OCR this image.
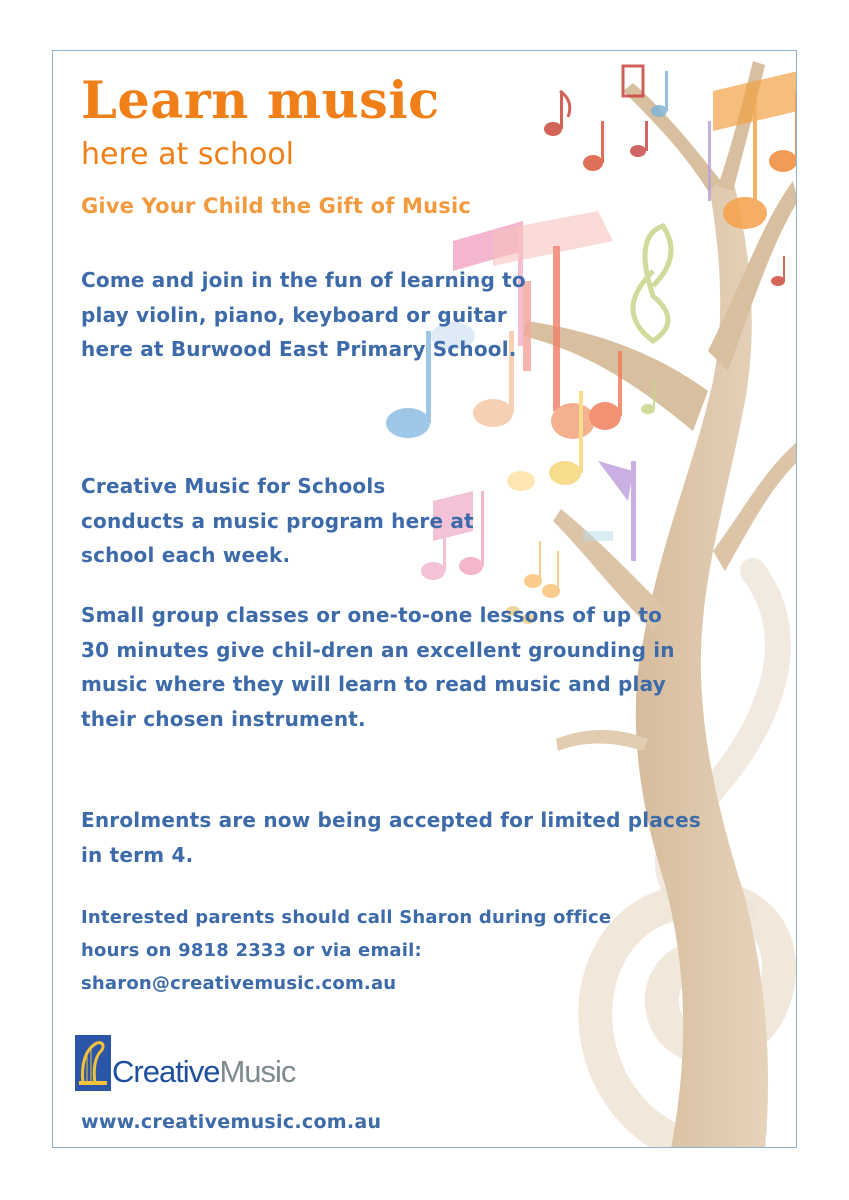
Learn music
here at school
Give Your Child the Gift of Music

Come and join in the fun of learning to play violin, piano, keyboard or guitar here at Burwood East Primary School.

Creative Music for Schools conducts a music program here at school each week.

Small group classes or one-to-one lessons of up to 30 minutes give chil-dren an excellent grounding in music where they will learn to read music and play their chosen instrument.

Enrolments are now being accepted for limited places in term 4.

Interested parents should call Sharon during office hours on 9818 2333 or via email: sharon@creativemusic.com.au

Creative Music
www.creativemusic.com.au
